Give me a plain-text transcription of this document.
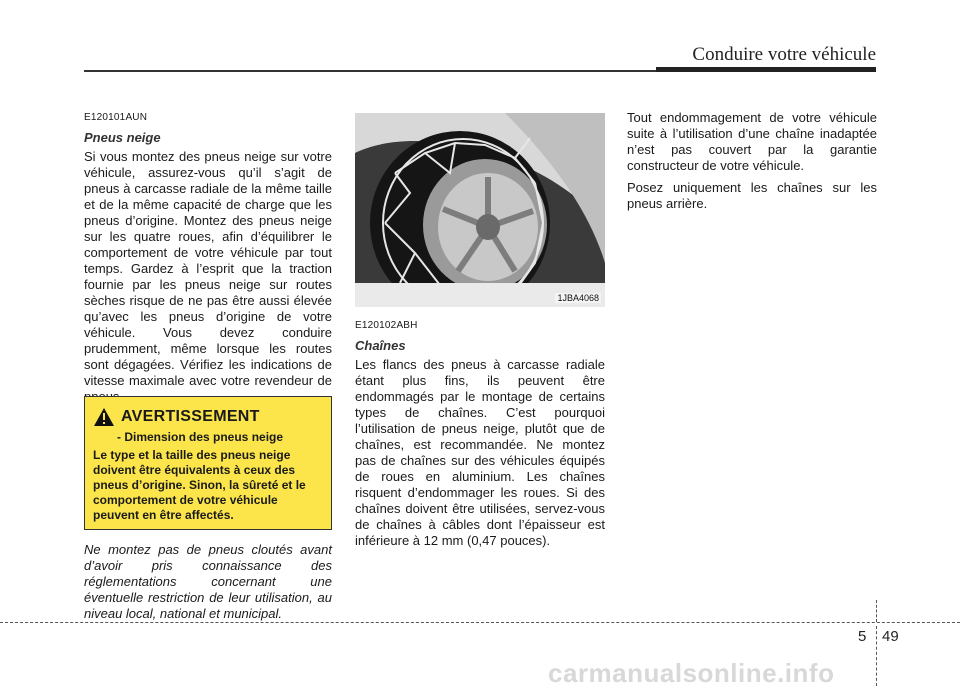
Conduire votre véhicule
E120101AUN
Pneus neige

Si vous montez des pneus neige sur votre véhicule, assurez-vous qu’il s’agit de pneus à carcasse radiale de la même taille et de la même capacité de charge que les pneus d’origine. Montez des pneus neige sur les quatre roues, afin d’équilibrer le comportement de votre véhicule par tout temps. Gardez à l’esprit que la traction fournie par les pneus neige sur routes sèches risque de ne pas être aussi élevée qu’avec les pneus d’origine de votre véhicule. Vous devez conduire prudemment, même lorsque les routes sont dégagées. Vérifiez les indications de vitesse maximale avec votre revendeur de

AVERTISSEMENT
- Dimension des pneus neige
Le type et la taille des pneus neige doivent être équivalents à ceux des pneus d’origine. Sinon, la sûreté et le comportement de votre véhicule peuvent en être affectés.
Ne montez pas de pneus cloutés avant d’avoir pris connaissance des réglementations concernant une éventuelle restriction de leur utilisation, au niveau local, national et municipal.
1JBA4068
E120102ABH
Chaînes

Les flancs des pneus à carcasse radiale étant plus fins, ils peuvent être endommagés par le montage de certains types de chaînes. C’est pourquoi l’utilisation de pneus neige, plutôt que de chaînes, est recommandée. Ne montez pas de chaînes sur des véhicules équipés de roues en aluminium. Les chaînes risquent d’endommager les roues. Si des chaînes doivent être utilisées, servez-vous de chaînes à câbles dont l’épaisseur est inférieure à 12 mm (0,47 pouces).

Tout endommagement de votre véhicule suite à l’utilisation d’une chaîne inadaptée n’est pas couvert par la garantie constructeur de votre véhicule.

Posez uniquement les chaînes sur les pneus arrière.

5 49
carmanualsonline.info
